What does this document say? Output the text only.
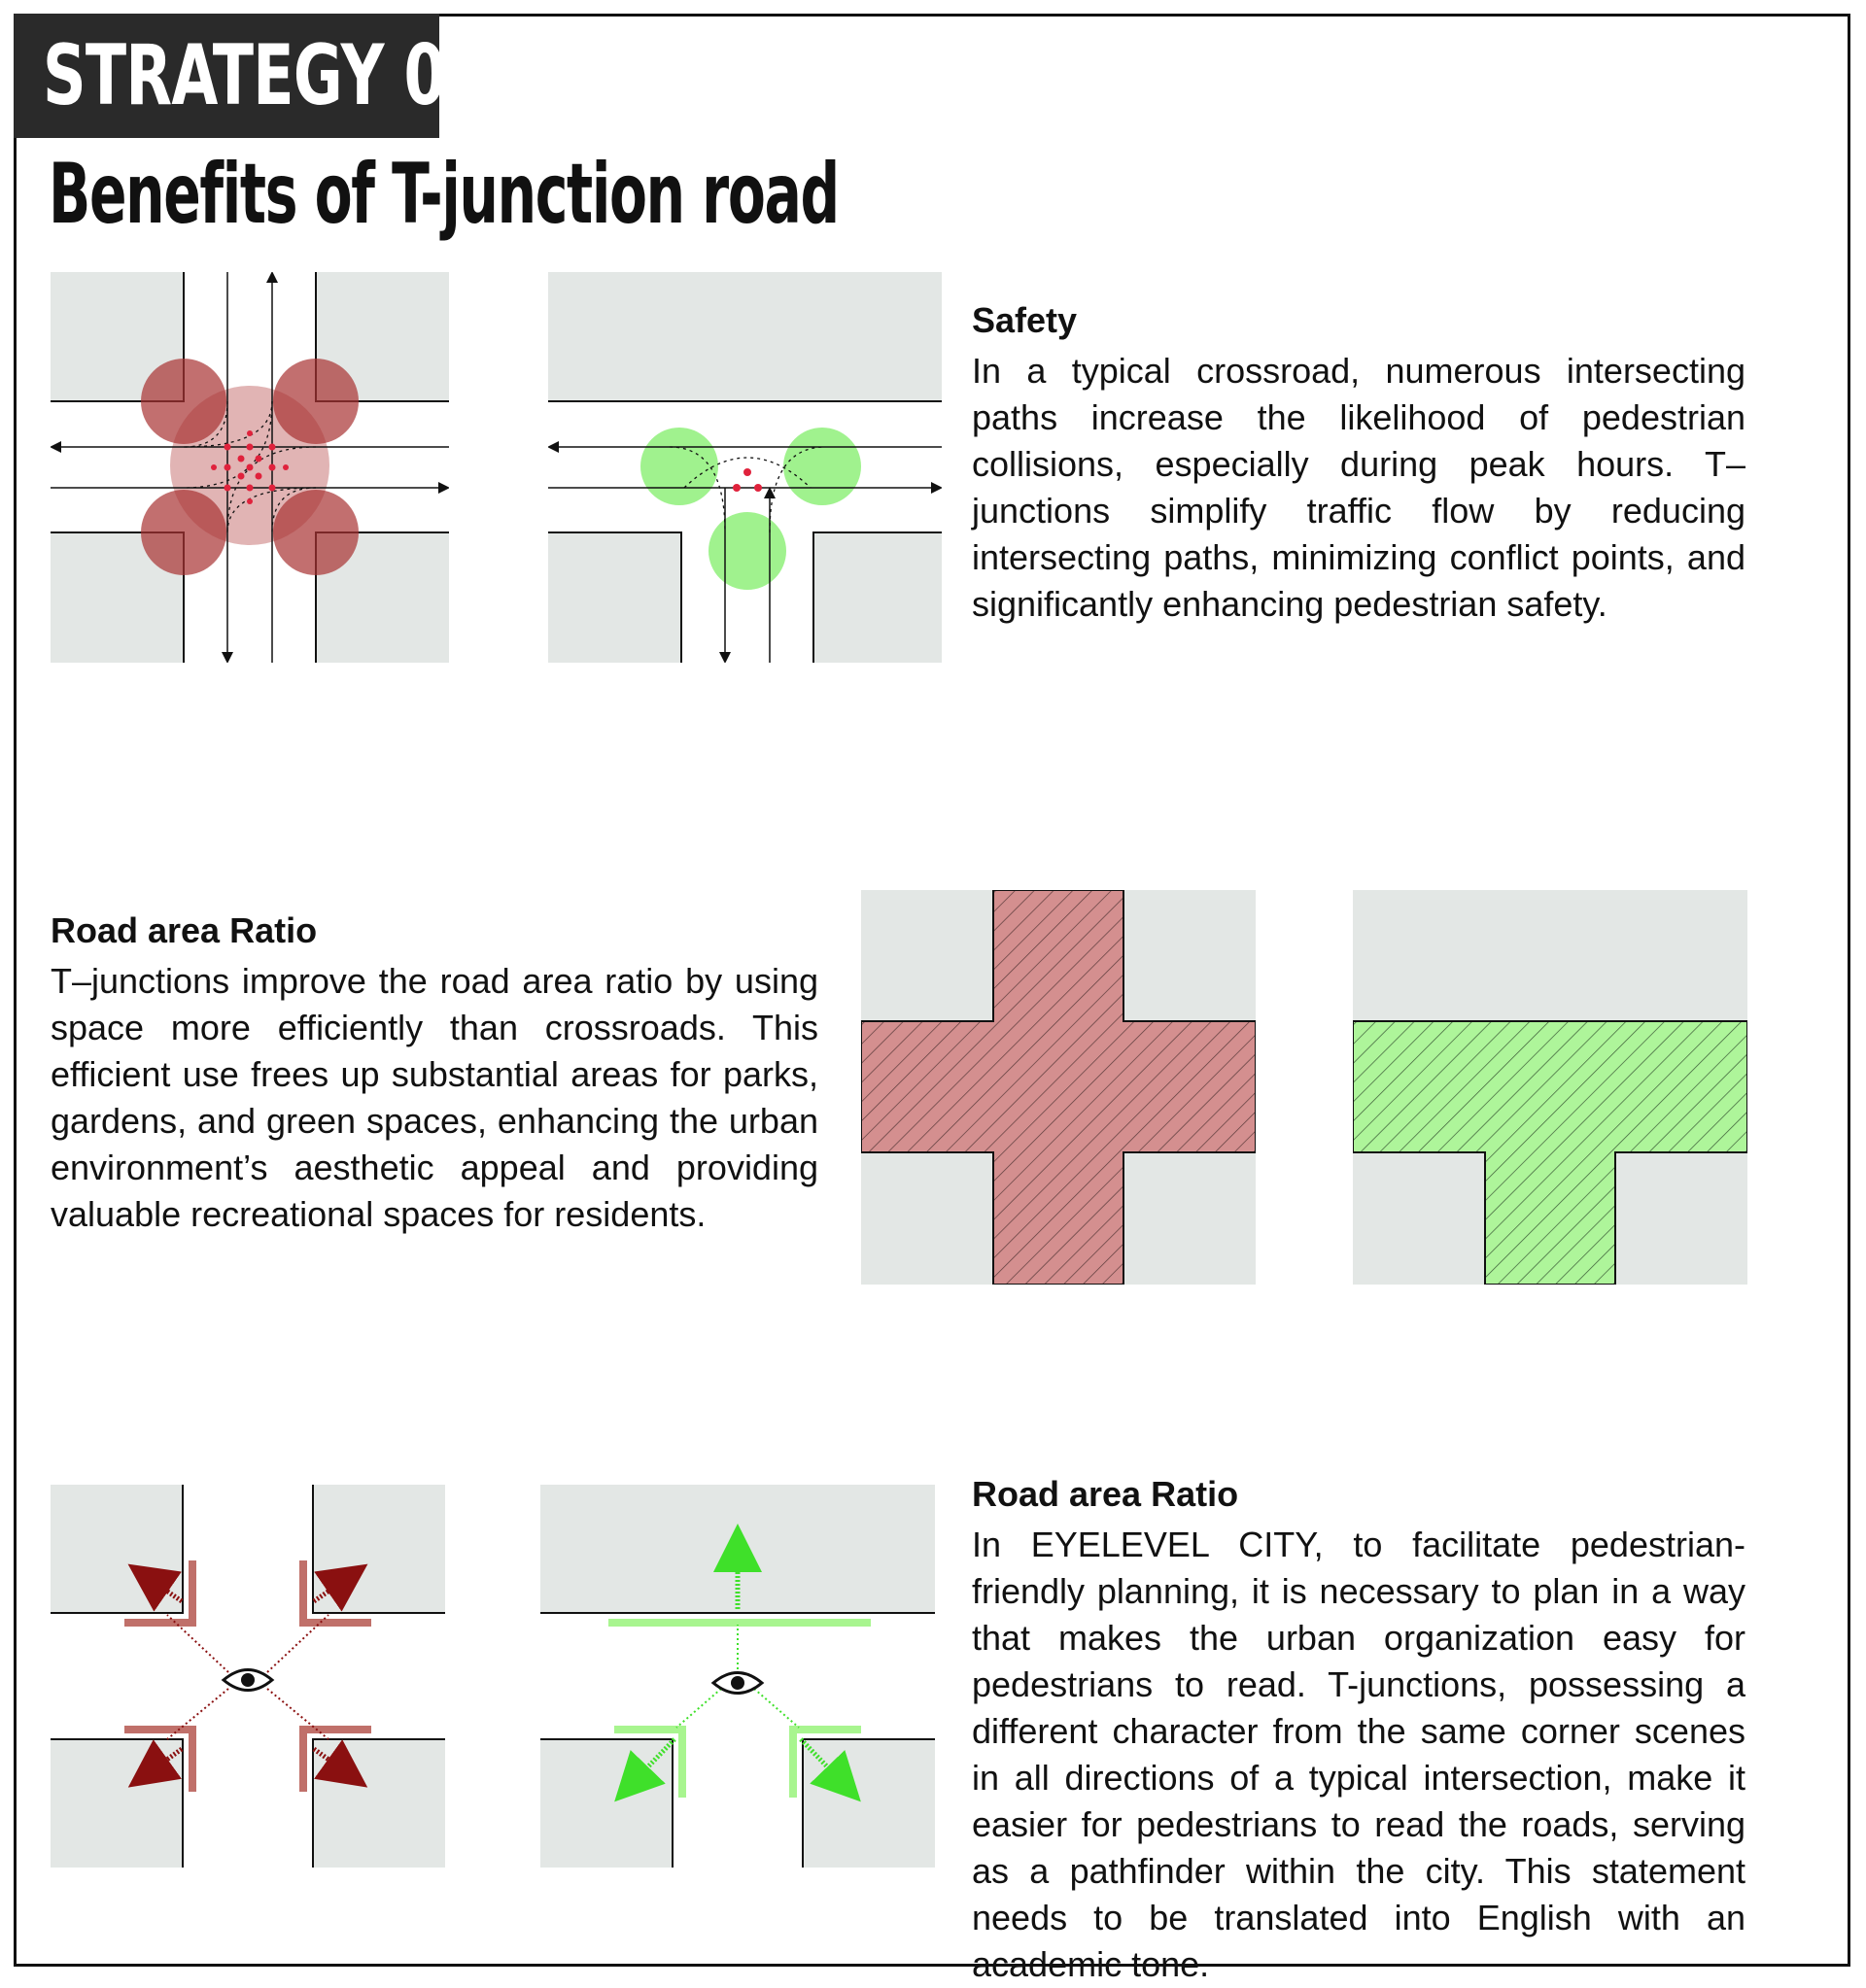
STRATEGY 02
Benefits of T-junction road

Safety

In a typical crossroad, numerous intersecting paths increase the likelihood of pedestrian collisions, especially during peak hours. T–junctions simplify traffic flow by reducing intersecting paths, minimizing conflict points, and significantly enhancing pedestrian safety.

Road area Ratio

T–junctions improve the road area ratio by using space more efficiently than crossroads. This efficient use frees up substantial areas for parks, gardens, and green spaces, enhancing the urban environment’s aesthetic appeal and providing valuable recreational spaces for residents.

Road area Ratio

In EYELEVEL CITY, to facilitate pedestrian-friendly planning, it is necessary to plan in a way that makes the urban organization easy for pedestrians to read. T-junctions, possessing a different character from the same corner scenes in all directions of a typical intersection, make it easier for pedestrians to read the roads, serving as a pathfinder within the city. This statement needs to be translated into English with an academic tone.
